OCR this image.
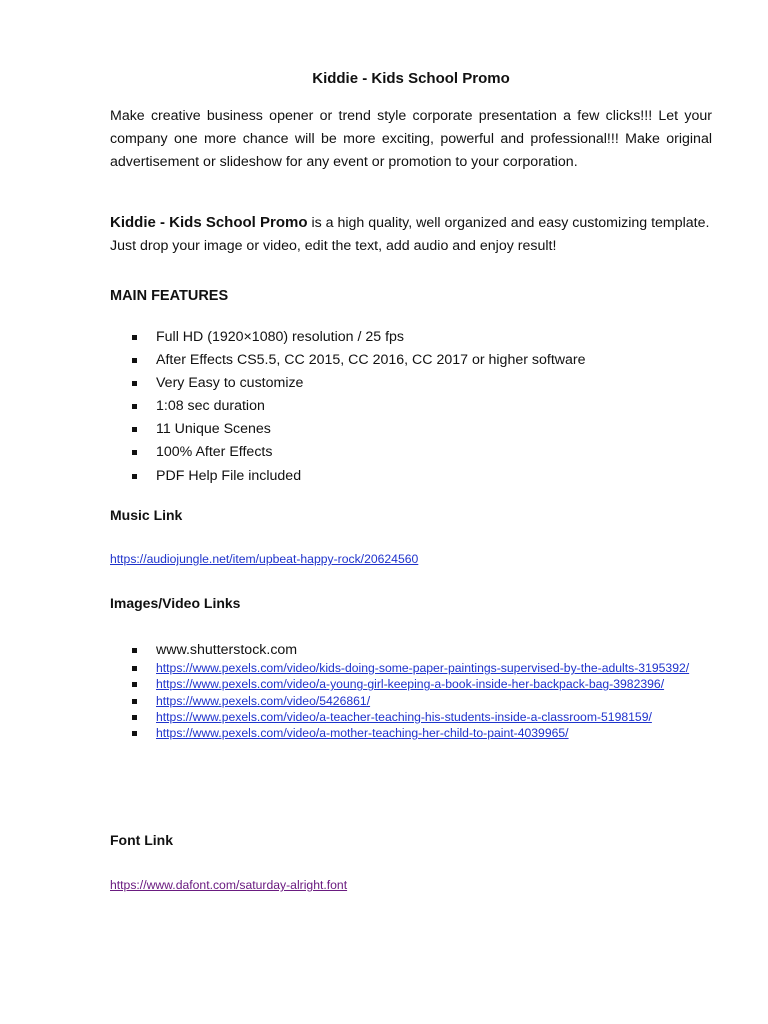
Kiddie - Kids School Promo
Make creative business opener or trend style corporate presentation a few clicks!!! Let your company one more chance will be more exciting, powerful and professional!!! Make original advertisement or slideshow for any event or promotion to your corporation.
Kiddie - Kids School Promo is a high quality, well organized and easy customizing template. Just drop your image or video, edit the text, add audio and enjoy result!
MAIN FEATURES
Full HD (1920×1080) resolution / 25 fps
After Effects CS5.5, CC 2015, CC 2016, CC 2017 or higher software
Very Easy to customize
1:08 sec duration
11 Unique Scenes
100% After Effects
PDF Help File included
Music Link
https://audiojungle.net/item/upbeat-happy-rock/20624560
Images/Video Links
www.shutterstock.com
https://www.pexels.com/video/kids-doing-some-paper-paintings-supervised-by-the-adults-3195392/
https://www.pexels.com/video/a-young-girl-keeping-a-book-inside-her-backpack-bag-3982396/
https://www.pexels.com/video/5426861/
https://www.pexels.com/video/a-teacher-teaching-his-students-inside-a-classroom-5198159/
https://www.pexels.com/video/a-mother-teaching-her-child-to-paint-4039965/
Font Link
https://www.dafont.com/saturday-alright.font
